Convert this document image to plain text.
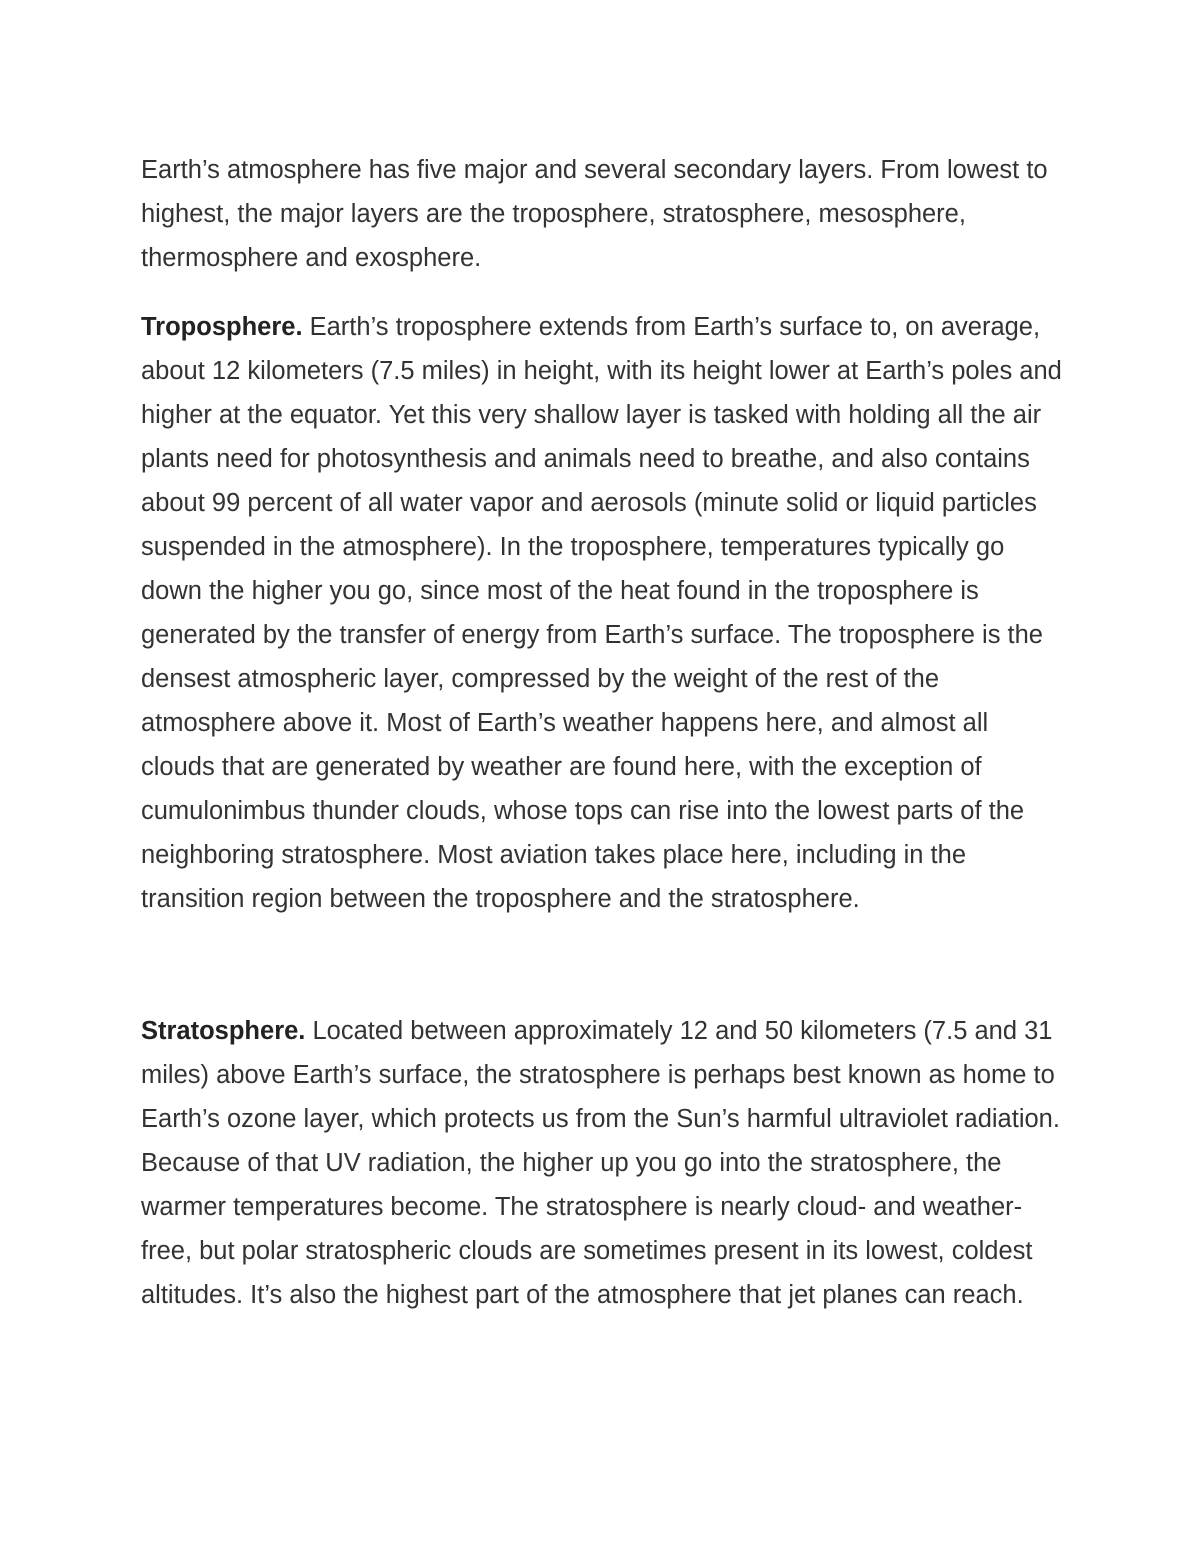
Earth’s atmosphere has five major and several secondary layers. From lowest to highest, the major layers are the troposphere, stratosphere, mesosphere, thermosphere and exosphere.

Troposphere. Earth’s troposphere extends from Earth’s surface to, on average, about 12 kilometers (7.5 miles) in height, with its height lower at Earth’s poles and higher at the equator. Yet this very shallow layer is tasked with holding all the air plants need for photosynthesis and animals need to breathe, and also contains about 99 percent of all water vapor and aerosols (minute solid or liquid particles suspended in the atmosphere). In the troposphere, temperatures typically go down the higher you go, since most of the heat found in the troposphere is generated by the transfer of energy from Earth’s surface. The troposphere is the densest atmospheric layer, compressed by the weight of the rest of the atmosphere above it. Most of Earth’s weather happens here, and almost all clouds that are generated by weather are found here, with the exception of cumulonimbus thunder clouds, whose tops can rise into the lowest parts of the neighboring stratosphere. Most aviation takes place here, including in the transition region between the troposphere and the stratosphere.

Stratosphere. Located between approximately 12 and 50 kilometers (7.5 and 31 miles) above Earth’s surface, the stratosphere is perhaps best known as home to Earth’s ozone layer, which protects us from the Sun’s harmful ultraviolet radiation. Because of that UV radiation, the higher up you go into the stratosphere, the warmer temperatures become. The stratosphere is nearly cloud- and weather-free, but polar stratospheric clouds are sometimes present in its lowest, coldest altitudes. It’s also the highest part of the atmosphere that jet planes can reach.
